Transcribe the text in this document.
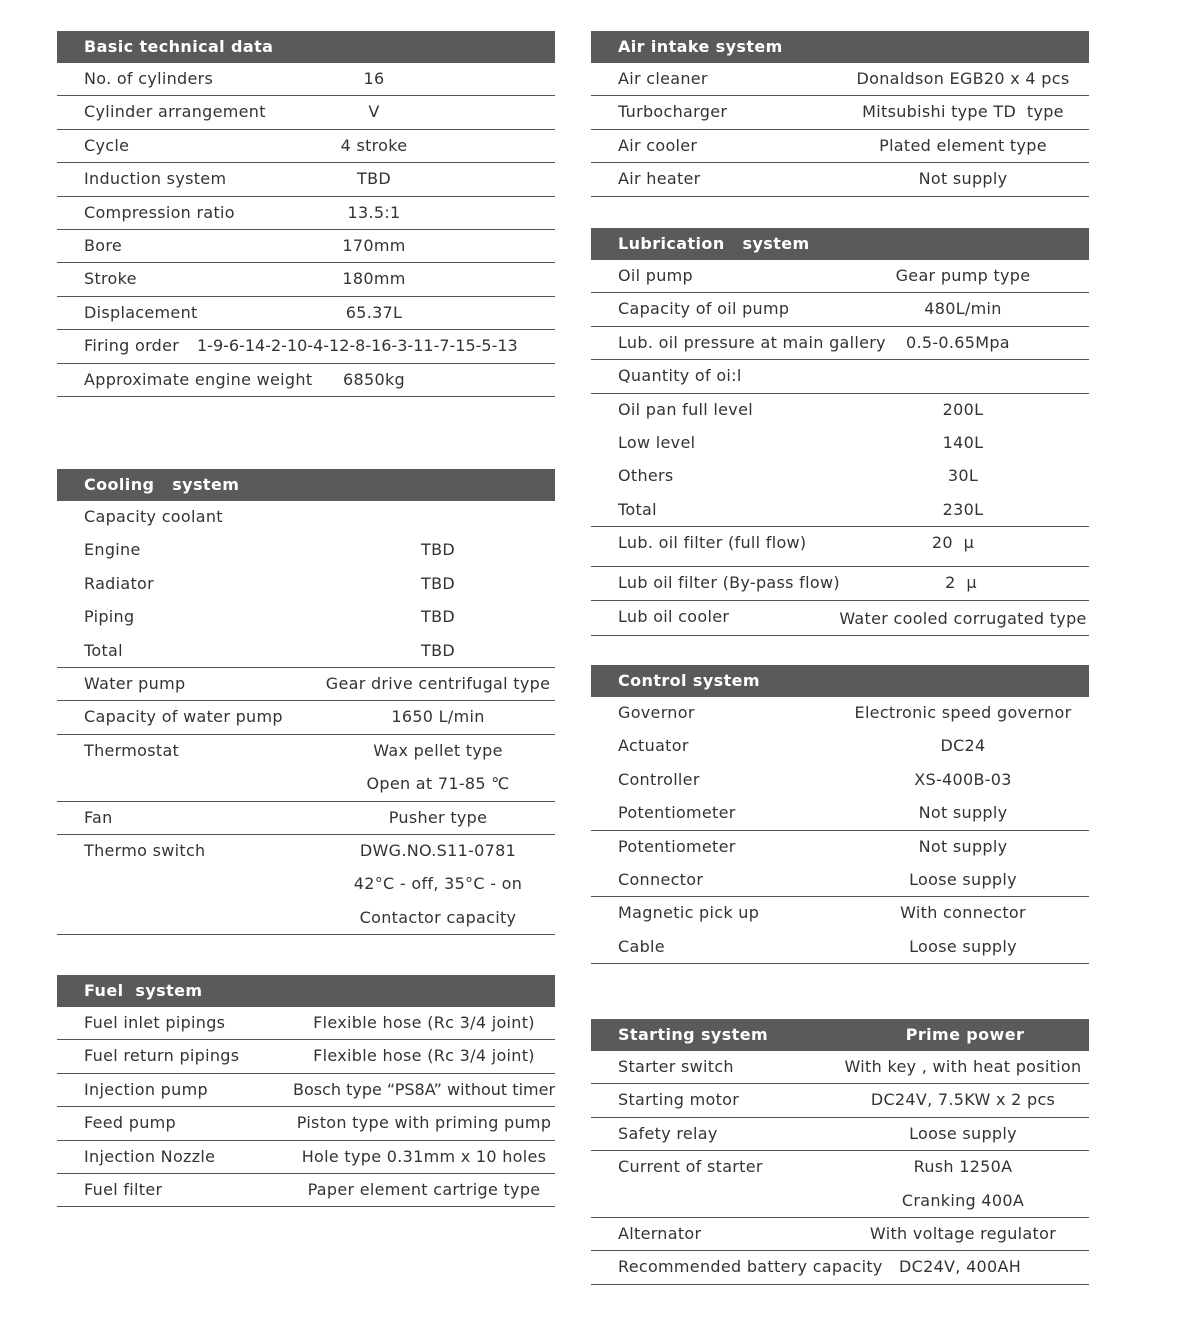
Basic technical data
No. of cylinders	16
Cylinder arrangement	V
Cycle	4 stroke
Induction system	TBD
Compression ratio	13.5:1
Bore	170mm
Stroke	180mm
Displacement	65.37L
Firing order 1-9-6-14-2-10-4-12-8-16-3-11-7-15-5-13
Approximate engine weight 6850kg
Cooling   system
Capacity coolant
Engine	TBD
Radiator	TBD
Piping	TBD
Total	TBD
Water pump	Gear drive centrifugal type
Capacity of water pump	1650 L/min
Thermostat	Wax pellet type
Open at 71-85 ℃
Fan	Pusher type
Thermo switch	DWG.NO.S11-0781
42°C - off, 35°C - on
Contactor capacity
Fuel  system
Fuel inlet pipings	Flexible hose (Rc 3/4 joint)
Fuel return pipings	Flexible hose (Rc 3/4 joint)
Injection pump	Bosch type “PS8A” without timer
Feed pump	Piston type with priming pump
Injection Nozzle	Hole type 0.31mm x 10 holes
Fuel filter	Paper element cartrige type
Air intake system
Air cleaner	Donaldson EGB20 x 4 pcs
Turbocharger	Mitsubishi type TD  type
Air cooler	Plated element type
Air heater	Not supply
Lubrication   system
Oil pump	Gear pump type
Capacity of oil pump	480L/min
Lub. oil pressure at main gallery 0.5-0.65Mpa
Quantity of oi:l
Oil pan full level	200L
Low level	140L
Others	30L
Total	230L
Lub. oil filter (full flow)	20  μ
Lub oil filter (By-pass flow)	2  μ
Lub oil cooler	Water cooled corrugated type
Control system
Governor	Electronic speed governor
Actuator	DC24
Controller	XS-400B-03
Potentiometer	Not supply
Potentiometer	Not supply
Connector	Loose supply
Magnetic pick up	With connector
Cable	Loose supply
Starting system	Prime power
Starter switch	With key , with heat position
Starting motor	DC24V, 7.5KW x 2 pcs
Safety relay	Loose supply
Current of starter	Rush 1250A
Cranking 400A
Alternator	With voltage regulator
Recommended battery capacity DC24V, 400AH
